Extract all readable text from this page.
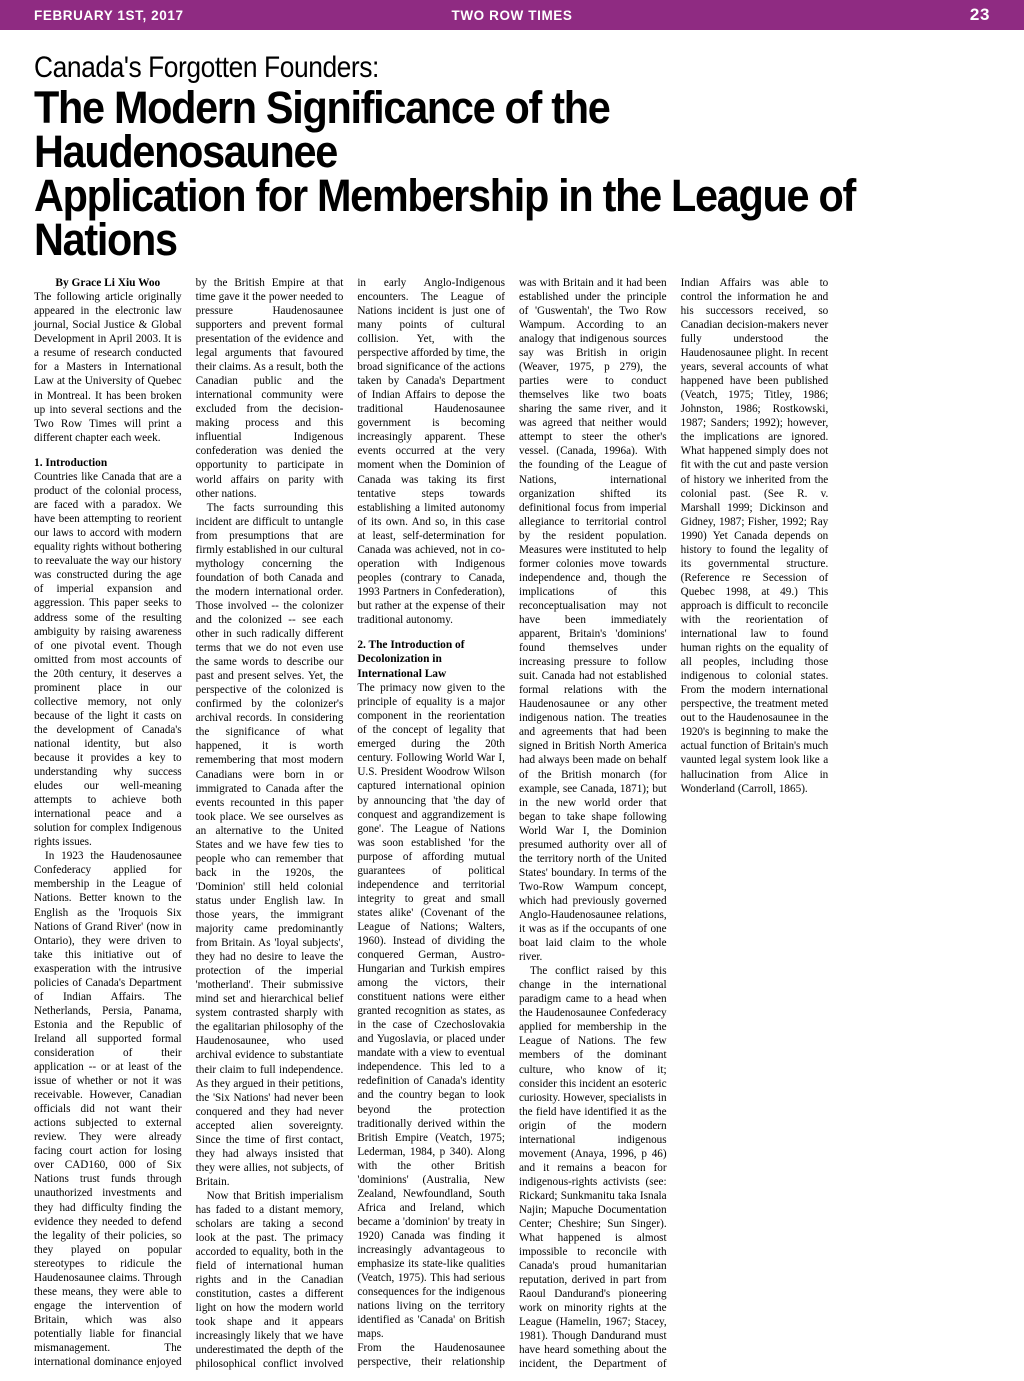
FEBRUARY 1ST, 2017	TWO ROW TIMES	23
Canada's Forgotten Founders:
The Modern Significance of the Haudenosaunee
Application for Membership in the League of Nations

By Grace Li Xiu Woo

The following article originally appeared in the electronic law journal, Social Justice & Global Development in April 2003. It is a resume of research conducted for a Masters in International Law at the University of Quebec in Montreal. It has been broken up into several sections and the Two Row Times will print a different chapter each week.

1. Introduction

Countries like Canada that are a product of the colonial process, are faced with a paradox. We have been attempting to reorient our laws to accord with modern equality rights without bothering to reevaluate the way our history was constructed during the age of imperial expansion and aggression. This paper seeks to address some of the resulting ambiguity by raising awareness of one pivotal event. Though omitted from most accounts of the 20th century, it deserves a prominent place in our collective memory, not only because of the light it casts on the development of Canada's national identity, but also because it provides a key to understanding why success eludes our well-meaning attempts to achieve both international peace and a solution for complex Indigenous rights issues.

In 1923 the Haudenosaunee Confederacy applied for membership in the League of Nations. Better known to the English as the 'Iroquois Six Nations of Grand River' (now in Ontario), they were driven to take this initiative out of exasperation with the intrusive policies of Canada's Department of Indian Affairs. The Netherlands, Persia, Panama, Estonia and the Republic of Ireland all supported formal consideration of their application -- or at least of the issue of whether or not it was receivable. However, Canadian officials did not want their actions subjected to external review. They were already facing court action for losing over CAD160, 000 of Six Nations trust funds through unauthorized investments and they had difficulty finding the evidence they needed to defend the legality of their policies, so they played on popular stereotypes to ridicule the Haudenosaunee claims. Through these means, they were able to engage the intervention of Britain, which was also potentially liable for financial mismanagement. The international dominance enjoyed by the British Empire at that time gave it the power needed to pressure Haudenosaunee supporters and prevent formal presentation of the evidence and legal arguments that favoured their claims. As a result, both the Canadian public and the international community were excluded from the decision-making process and this influential Indigenous confederation was denied the opportunity to participate in world affairs on parity with other nations.

The facts surrounding this incident are difficult to untangle from presumptions that are firmly established in our cultural mythology concerning the foundation of both Canada and the modern international order. Those involved -- the colonizer and the colonized -- see each other in such radically different terms that we do not even use the same words to describe our past and present selves. Yet, the perspective of the colonized is confirmed by the colonizer's archival records. In considering the significance of what happened, it is worth remembering that most modern Canadians were born in or immigrated to Canada after the events recounted in this paper took place. We see ourselves as an alternative to the United States and we have few ties to people who can remember that back in the 1920s, the 'Dominion' still held colonial status under English law. In those years, the immigrant majority came predominantly from Britain. As 'loyal subjects', they had no desire to leave the protection of the imperial 'motherland'. Their submissive mind set and hierarchical belief system contrasted sharply with the egalitarian philosophy of the Haudenosaunee, who used archival evidence to substantiate their claim to full independence. As they argued in their petitions, the 'Six Nations' had never been conquered and they had never accepted alien sovereignty. Since the time of first contact, they had always insisted that they were allies, not subjects, of Britain.

Now that British imperialism has faded to a distant memory, scholars are taking a second look at the past. The primacy accorded to equality, both in the field of international human rights and in the Canadian constitution, castes a different light on how the modern world took shape and it appears increasingly likely that we have underestimated the depth of the philosophical conflict involved in early Anglo-Indigenous encounters. The League of Nations incident is just one of many points of cultural collision. Yet, with the perspective afforded by time, the broad significance of the actions taken by Canada's Department of Indian Affairs to depose the traditional Haudenosaunee government is becoming increasingly apparent. These events occurred at the very moment when the Dominion of Canada was taking its first tentative steps towards establishing a limited autonomy of its own. And so, in this case at least, self-determination for Canada was achieved, not in co-operation with Indigenous peoples (contrary to Canada, 1993 Partners in Confederation), but rather at the expense of their traditional autonomy.

2. The Introduction of Decolonization in International Law

The primacy now given to the principle of equality is a major component in the reorientation of the concept of legality that emerged during the 20th century. Following World War I, U.S. President Woodrow Wilson captured international opinion by announcing that 'the day of conquest and aggrandizement is gone'. The League of Nations was soon established 'for the purpose of affording mutual guarantees of political independence and territorial integrity to great and small states alike' (Covenant of the League of Nations; Walters, 1960). Instead of dividing the conquered German, Austro-Hungarian and Turkish empires among the victors, their constituent nations were either granted recognition as states, as in the case of Czechoslovakia and Yugoslavia, or placed under mandate with a view to eventual independence. This led to a redefinition of Canada's identity and the country began to look beyond the protection traditionally derived within the British Empire (Veatch, 1975; Lederman, 1984, p 340). Along with the other British 'dominions' (Australia, New Zealand, Newfoundland, South Africa and Ireland, which became a 'dominion' by treaty in 1920) Canada was finding it increasingly advantageous to emphasize its state-like qualities (Veatch, 1975). This had serious consequences for the indigenous nations living on the territory identified as 'Canada' on British maps.

From the Haudenosaunee perspective, their relationship was with Britain and it had been established under the principle of 'Guswentah', the Two Row Wampum. According to an analogy that indigenous sources say was British in origin (Weaver, 1975, p 279), the parties were to conduct themselves like two boats sharing the same river, and it was agreed that neither would attempt to steer the other's vessel. (Canada, 1996a). With the founding of the League of Nations, international organization shifted its definitional focus from imperial allegiance to territorial control by the resident population. Measures were instituted to help former colonies move towards independence and, though the implications of this reconceptualisation may not have been immediately apparent, Britain's 'dominions' found themselves under increasing pressure to follow suit. Canada had not established formal relations with the Haudenosaunee or any other indigenous nation. The treaties and agreements that had been signed in British North America had always been made on behalf of the British monarch (for example, see Canada, 1871); but in the new world order that began to take shape following World War I, the Dominion presumed authority over all of the territory north of the United States' boundary. In terms of the Two-Row Wampum concept, which had previously governed Anglo-Haudenosaunee relations, it was as if the occupants of one boat laid claim to the whole river.

The conflict raised by this change in the international paradigm came to a head when the Haudenosaunee Confederacy applied for membership in the League of Nations. The few members of the dominant culture, who know of it; consider this incident an esoteric curiosity. However, specialists in the field have identified it as the origin of the modern international indigenous movement (Anaya, 1996, p 46) and it remains a beacon for indigenous-rights activists (see: Rickard; Sunkmanitu taka Isnala Najin; Mapuche Documentation Center; Cheshire; Sun Singer). What happened is almost impossible to reconcile with Canada's proud humanitarian reputation, derived in part from Raoul Dandurand's pioneering work on minority rights at the League (Hamelin, 1967; Stacey, 1981). Though Dandurand must have heard something about the incident, the Department of Indian Affairs was able to control the information he and his successors received, so Canadian decision-makers never fully understood the Haudenosaunee plight. In recent years, several accounts of what happened have been published (Veatch, 1975; Titley, 1986; Johnston, 1986; Rostkowski, 1987; Sanders; 1992); however, the implications are ignored. What happened simply does not fit with the cut and paste version of history we inherited from the colonial past. (See R. v. Marshall 1999; Dickinson and Gidney, 1987; Fisher, 1992; Ray 1990) Yet Canada depends on history to found the legality of its governmental structure. (Reference re Secession of Quebec 1998, at 49.) This approach is difficult to reconcile with the reorientation of international law to found human rights on the equality of all peoples, including those indigenous to colonial states. From the modern international perspective, the treatment meted out to the Haudenosaunee in the 1920's is beginning to make the actual function of Britain's much vaunted legal system look like a hallucination from Alice in Wonderland (Carroll, 1865).
